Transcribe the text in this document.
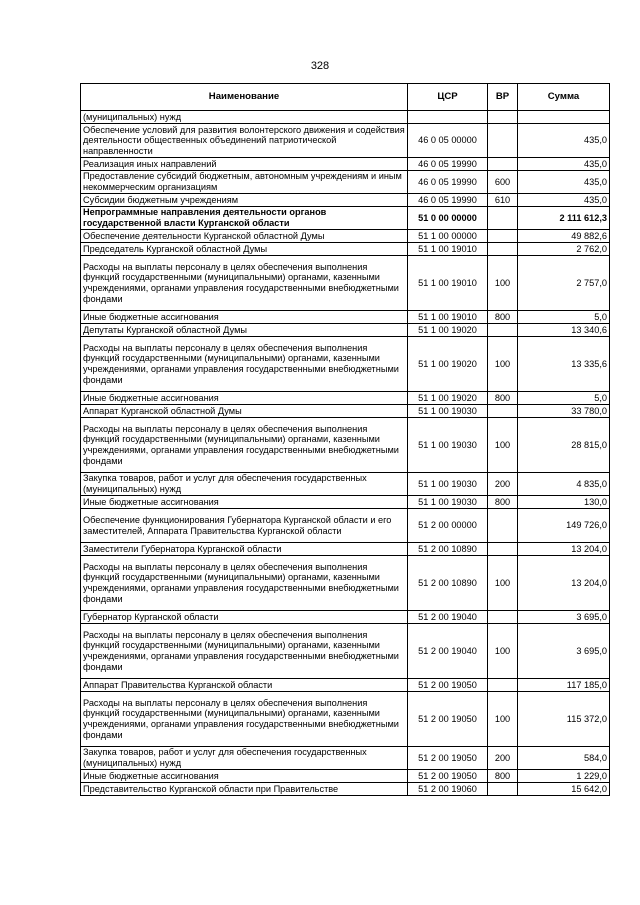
328
Наименование	ЦСР	ВР	Сумма
(муниципальных) нужд			
Обеспечение условий для развития волонтерского движения и содействия деятельности общественных объединений патриотической направленности	46 0 05 00000		435,0
Реализация иных направлений	46 0 05 19990		435,0
Предоставление субсидий бюджетным, автономным учреждениям и иным некоммерческим организациям	46 0 05 19990	600	435,0
Субсидии бюджетным учреждениям	46 0 05 19990	610	435,0
Непрограммные направления деятельности органов государственной власти Курганской области	51 0 00 00000		2 111 612,3
Обеспечение деятельности Курганской областной Думы	51 1 00 00000		49 882,6
Председатель Курганской областной Думы	51 1 00 19010		2 762,0
Расходы на выплаты персоналу в целях обеспечения выполнения функций государственными (муниципальными) органами, казенными учреждениями, органами управления государственными внебюджетными фондами	51 1 00 19010	100	2 757,0
Иные бюджетные ассигнования	51 1 00 19010	800	5,0
Депутаты Курганской областной Думы	51 1 00 19020		13 340,6
Расходы на выплаты персоналу в целях обеспечения выполнения функций государственными (муниципальными) органами, казенными учреждениями, органами управления государственными внебюджетными фондами	51 1 00 19020	100	13 335,6
Иные бюджетные ассигнования	51 1 00 19020	800	5,0
Аппарат Курганской областной Думы	51 1 00 19030		33 780,0
Расходы на выплаты персоналу в целях обеспечения выполнения функций государственными (муниципальными) органами, казенными учреждениями, органами управления государственными внебюджетными фондами	51 1 00 19030	100	28 815,0
Закупка товаров, работ и услуг для обеспечения государственных (муниципальных) нужд	51 1 00 19030	200	4 835,0
Иные бюджетные ассигнования	51 1 00 19030	800	130,0
Обеспечение функционирования Губернатора Курганской области и его заместителей, Аппарата Правительства Курганской области	51 2 00 00000		149 726,0
Заместители Губернатора Курганской области	51 2 00 10890		13 204,0
Расходы на выплаты персоналу в целях обеспечения выполнения функций государственными (муниципальными) органами, казенными учреждениями, органами управления государственными внебюджетными фондами	51 2 00 10890	100	13 204,0
Губернатор Курганской области	51 2 00 19040		3 695,0
Расходы на выплаты персоналу в целях обеспечения выполнения функций государственными (муниципальными) органами, казенными учреждениями, органами управления государственными внебюджетными фондами	51 2 00 19040	100	3 695,0
Аппарат Правительства Курганской области	51 2 00 19050		117 185,0
Расходы на выплаты персоналу в целях обеспечения выполнения функций государственными (муниципальными) органами, казенными учреждениями, органами управления государственными внебюджетными фондами	51 2 00 19050	100	115 372,0
Закупка товаров, работ и услуг для обеспечения государственных (муниципальных) нужд	51 2 00 19050	200	584,0
Иные бюджетные ассигнования	51 2 00 19050	800	1 229,0
Представительство Курганской области при Правительстве	51 2 00 19060		15 642,0
